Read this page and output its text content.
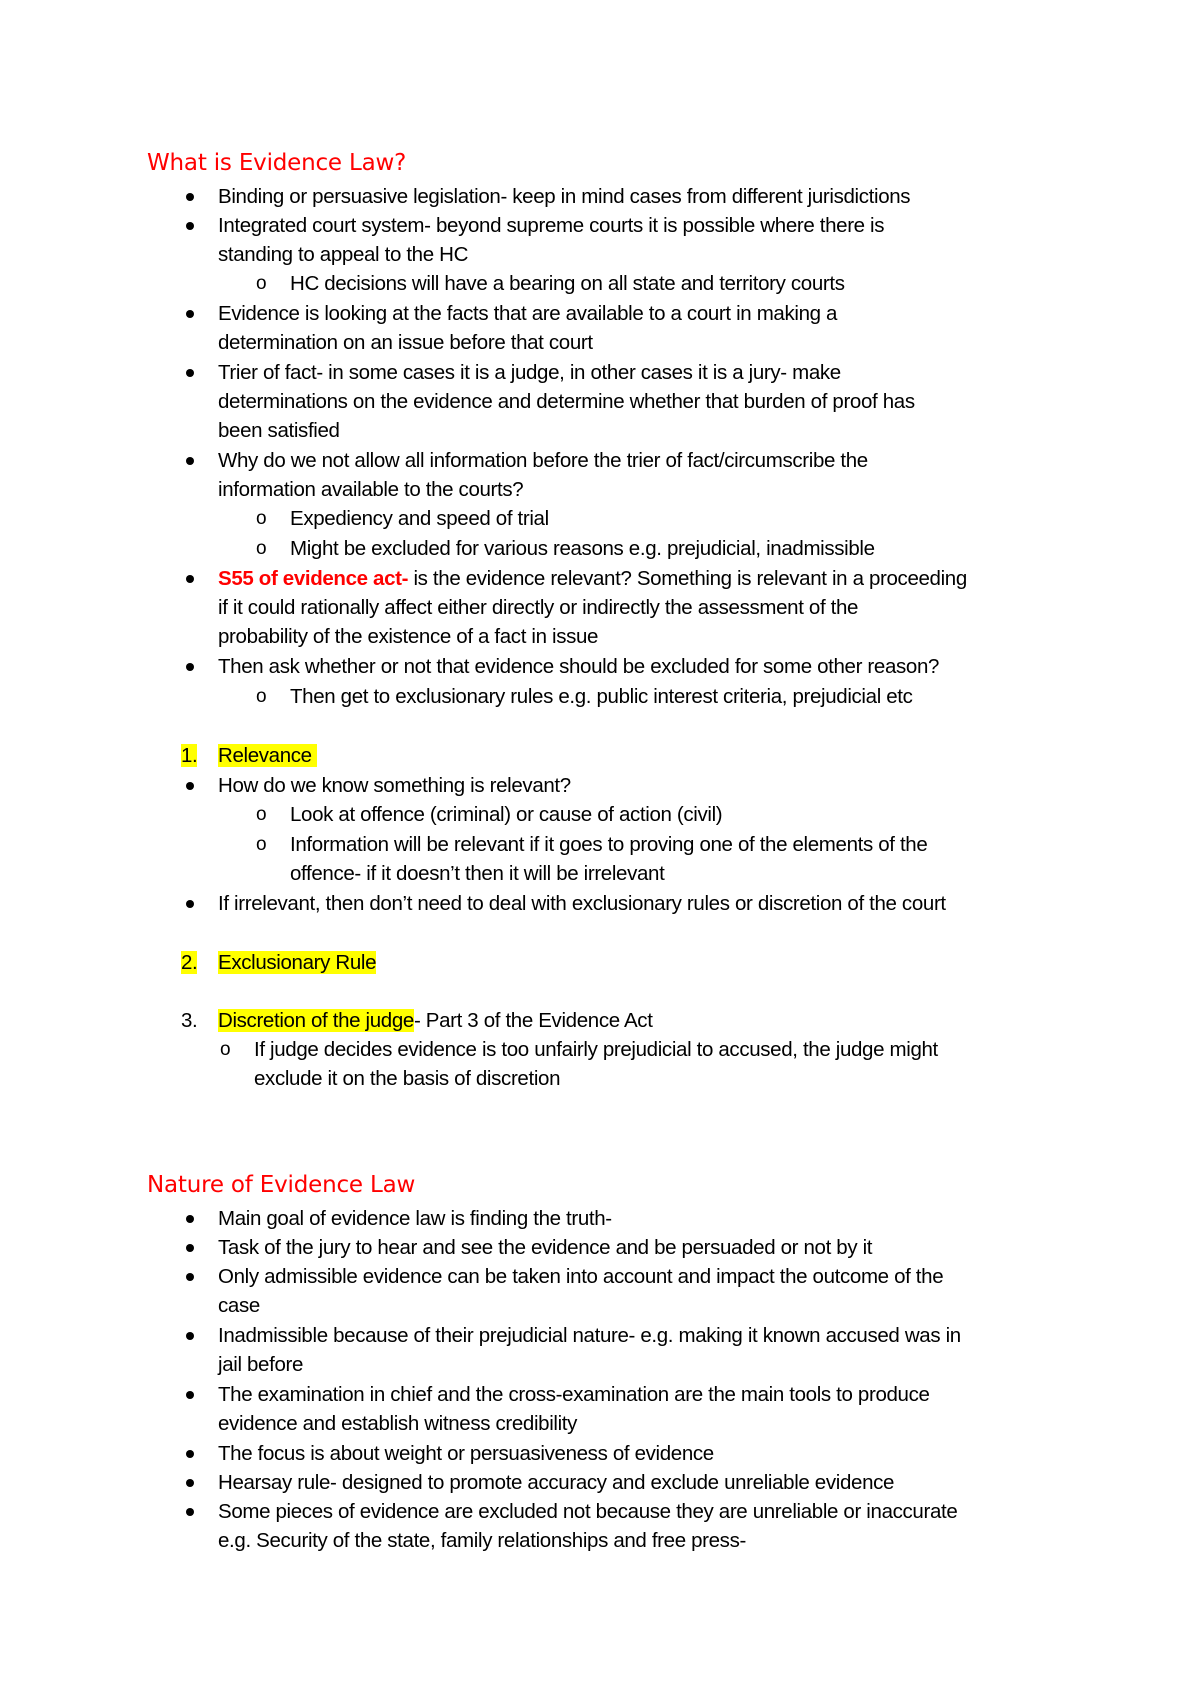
What is Evidence Law?
Binding or persuasive legislation- keep in mind cases from different jurisdictions
Integrated court system- beyond supreme courts it is possible where there is
standing to appeal to the HC
o HC decisions will have a bearing on all state and territory courts
Evidence is looking at the facts that are available to a court in making a
determination on an issue before that court
Trier of fact- in some cases it is a judge, in other cases it is a jury- make
determinations on the evidence and determine whether that burden of proof has
been satisfied
Why do we not allow all information before the trier of fact/circumscribe the
information available to the courts?
o Expediency and speed of trial
o Might be excluded for various reasons e.g. prejudicial, inadmissible
S55 of evidence act- is the evidence relevant? Something is relevant in a proceeding
if it could rationally affect either directly or indirectly the assessment of the
probability of the existence of a fact in issue
Then ask whether or not that evidence should be excluded for some other reason?
o Then get to exclusionary rules e.g. public interest criteria, prejudicial etc
1. Relevance
How do we know something is relevant?
o Look at offence (criminal) or cause of action (civil)
o Information will be relevant if it goes to proving one of the elements of the
offence- if it doesn’t then it will be irrelevant
If irrelevant, then don’t need to deal with exclusionary rules or discretion of the court
2. Exclusionary Rule
3. Discretion of the judge- Part 3 of the Evidence Act
o If judge decides evidence is too unfairly prejudicial to accused, the judge might
exclude it on the basis of discretion
Nature of Evidence Law
Main goal of evidence law is finding the truth-
Task of the jury to hear and see the evidence and be persuaded or not by it
Only admissible evidence can be taken into account and impact the outcome of the
case
Inadmissible because of their prejudicial nature- e.g. making it known accused was in
jail before
The examination in chief and the cross-examination are the main tools to produce
evidence and establish witness credibility
The focus is about weight or persuasiveness of evidence
Hearsay rule- designed to promote accuracy and exclude unreliable evidence
Some pieces of evidence are excluded not because they are unreliable or inaccurate
e.g. Security of the state, family relationships and free press-
